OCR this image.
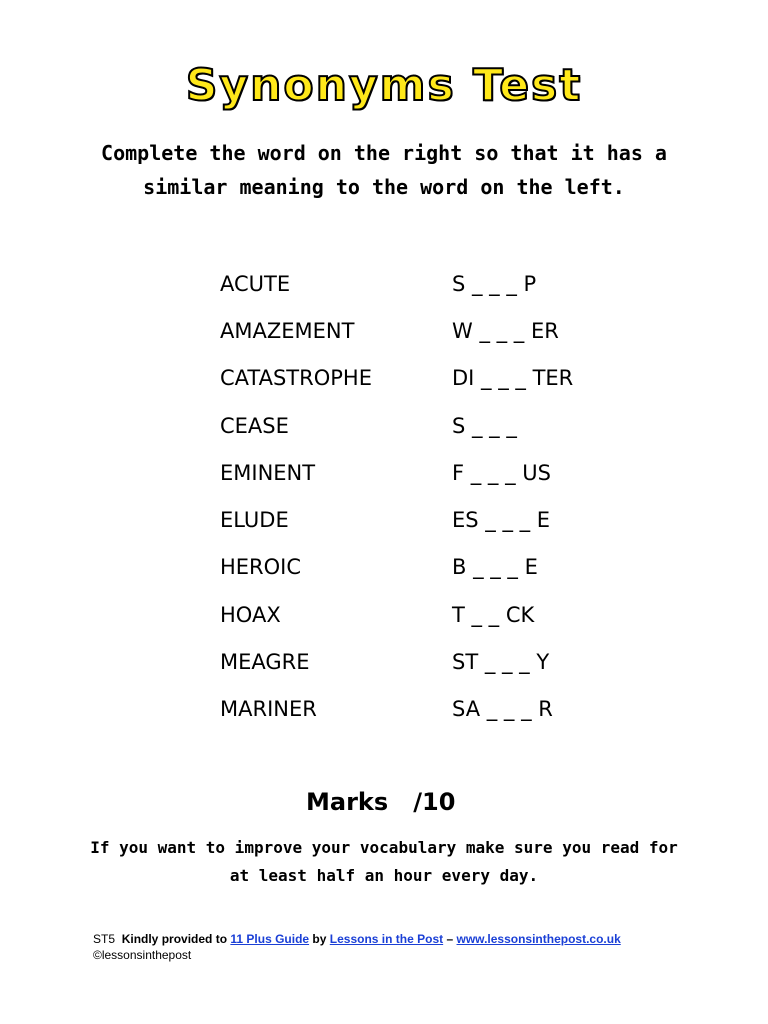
Synonyms Test
Complete the word on the right so that it has a
similar meaning to the word on the left.
ACUTE	S _ _ _ P
AMAZEMENT	W _ _ _ ER
CATASTROPHE	DI _ _ _ TER
CEASE	S _ _ _
EMINENT	F _ _ _ US
ELUDE	ES _ _ _ E
HEROIC	B _ _ _ E
HOAX	T _ _ CK
MEAGRE	ST _ _ _ Y
MARINER	SA _ _ _ R
Marks   /10
If you want to improve your vocabulary make sure you read for
at least half an hour every day.
ST5 Kindly provided to 11 Plus Guide by Lessons in the Post – www.lessonsinthepost.co.uk
©lessonsinthepost
